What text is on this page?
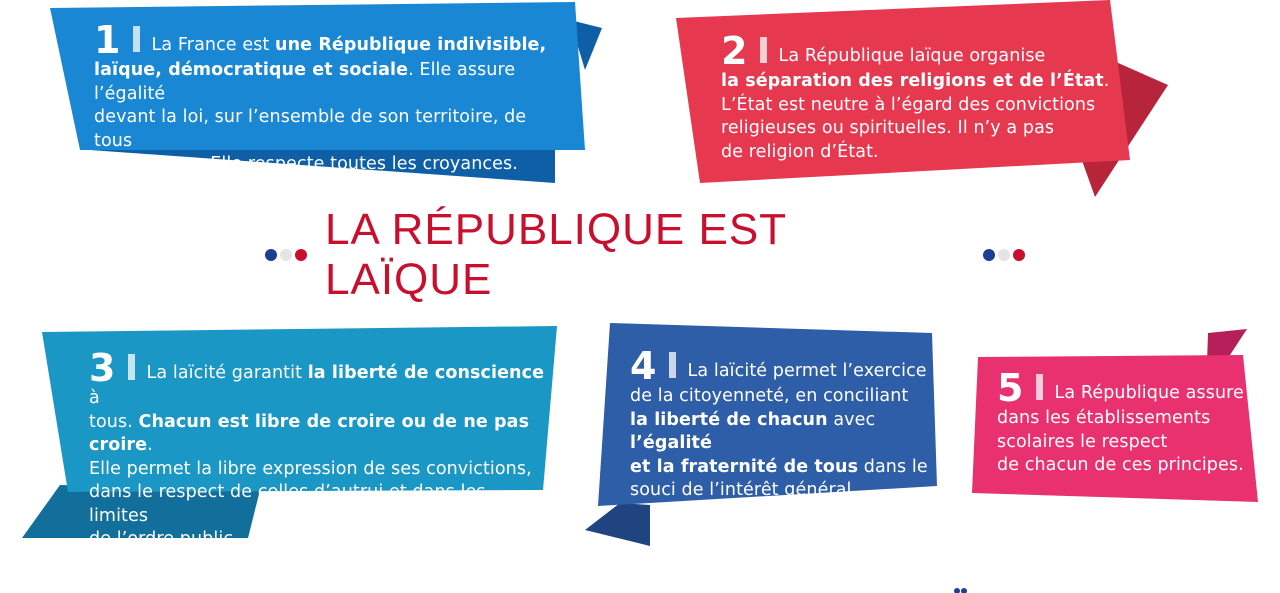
1 La France est une République indivisible,
laïque, démocratique et sociale. Elle assure l’égalité
devant la loi, sur l’ensemble de son territoire, de tous
les citoyens. Elle respecte toutes les croyances.
2 La République laïque organise
la séparation des religions et de l’État.
L’État est neutre à l’égard des convictions
religieuses ou spirituelles. Il n’y a pas
de religion d’État.
LA RÉPUBLIQUE EST LAÏQUE
3 La laïcité garantit la liberté de conscience à
tous. Chacun est libre de croire ou de ne pas croire.
Elle permet la libre expression de ses convictions,
dans le respect de celles d’autrui et dans les limites
de l’ordre public.
4 La laïcité permet l’exercice
de la citoyenneté, en conciliant
la liberté de chacun avec l’égalité
et la fraternité de tous dans le
souci de l’intérêt général.
5 La République assure
dans les établissements
scolaires le respect
de chacun de ces principes.
